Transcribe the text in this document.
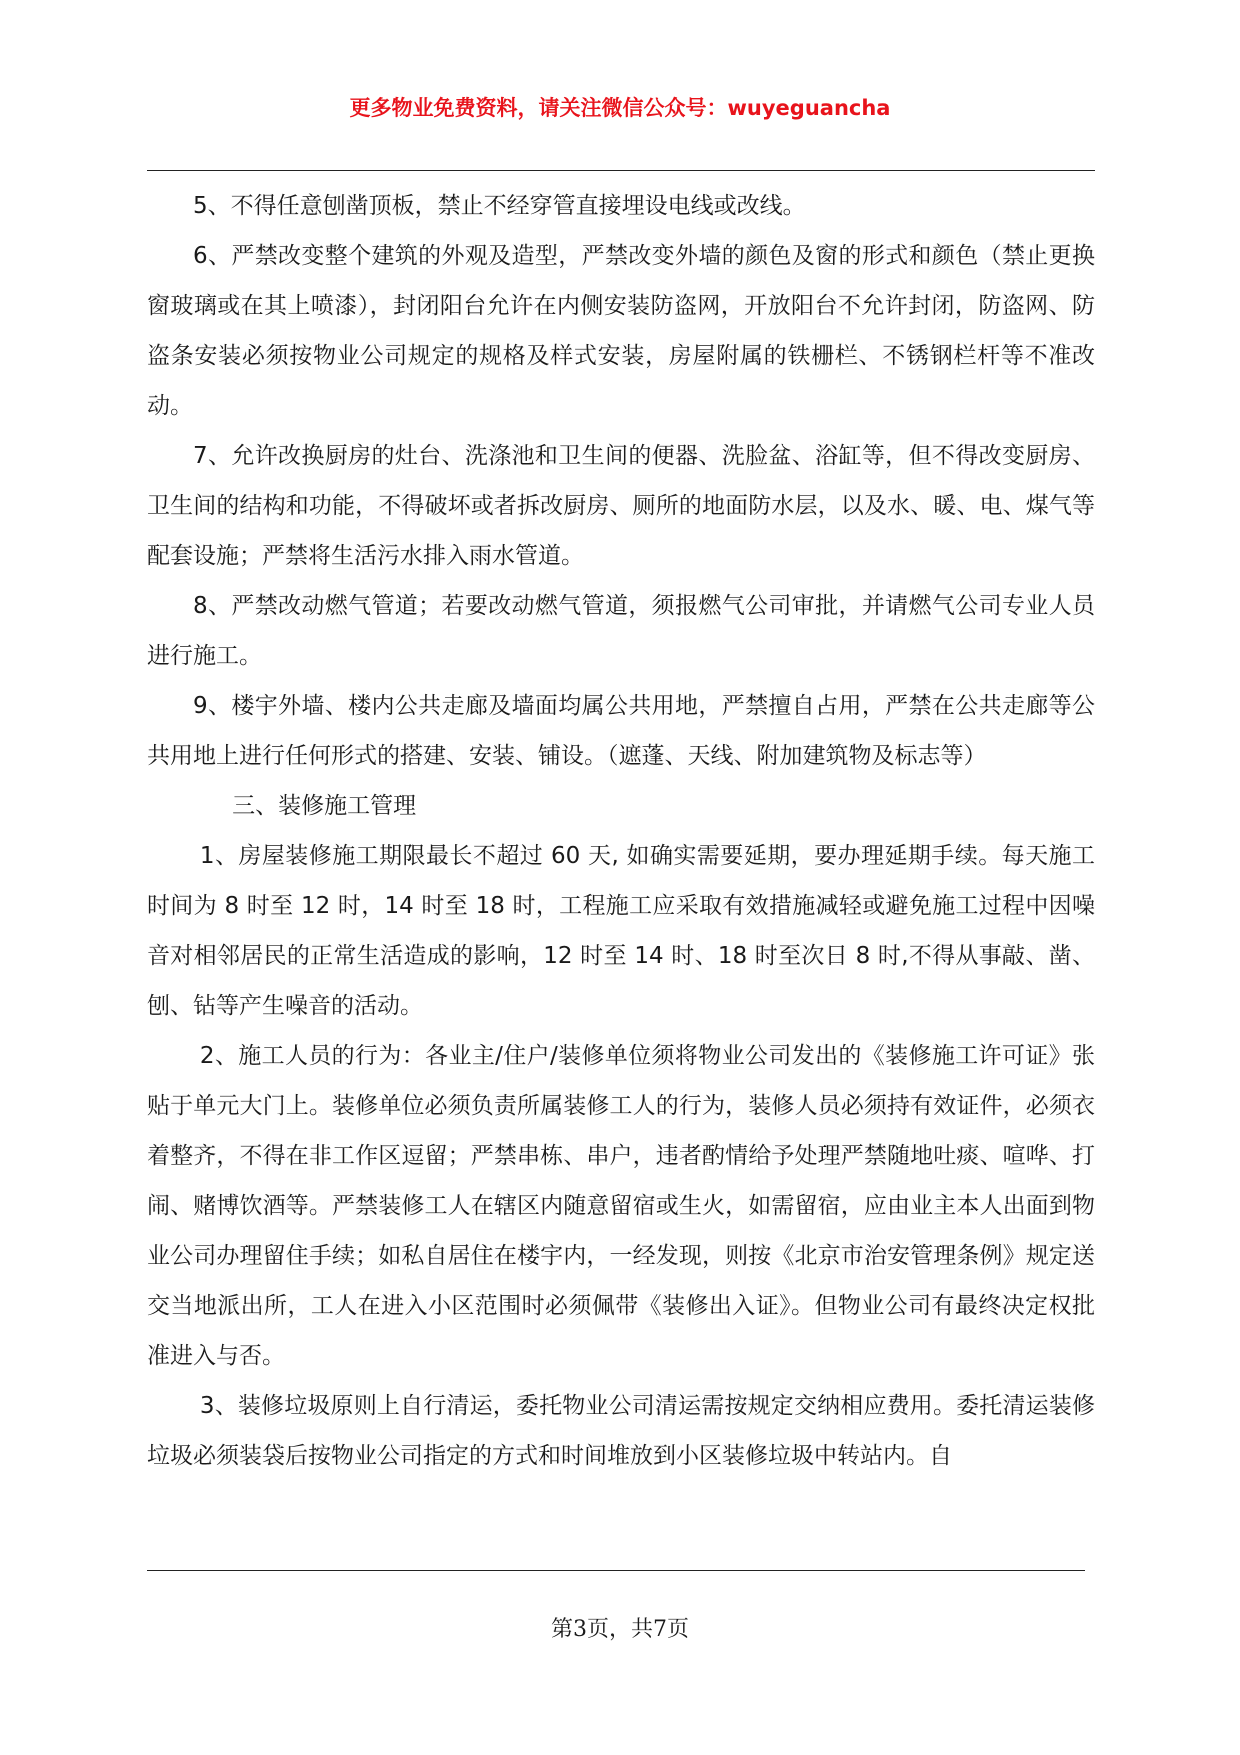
更多物业免费资料，请关注微信公众号：wuyeguancha

5、不得任意刨凿顶板，禁止不经穿管直接埋设电线或改线。

6、严禁改变整个建筑的外观及造型，严禁改变外墙的颜色及窗的形式和颜色（禁止更换窗玻璃或在其上喷漆），封闭阳台允许在内侧安装防盗网，开放阳台不允许封闭，防盗网、防盗条安装必须按物业公司规定的规格及样式安装，房屋附属的铁栅栏、不锈钢栏杆等不准改动。

7、允许改换厨房的灶台、洗涤池和卫生间的便器、洗脸盆、浴缸等，但不得改变厨房、卫生间的结构和功能，不得破坏或者拆改厨房、厕所的地面防水层，以及水、暖、电、煤气等配套设施；严禁将生活污水排入雨水管道。

8、严禁改动燃气管道；若要改动燃气管道，须报燃气公司审批，并请燃气公司专业人员进行施工。

9、楼宇外墙、楼内公共走廊及墙面均属公共用地，严禁擅自占用，严禁在公共走廊等公共用地上进行任何形式的搭建、安装、铺设。（遮蓬、天线、附加建筑物及标志等）

三、装修施工管理

1、房屋装修施工期限最长不超过 60 天, 如确实需要延期，要办理延期手续。每天施工时间为 8 时至 12 时，14 时至 18 时，工程施工应采取有效措施减轻或避免施工过程中因噪音对相邻居民的正常生活造成的影响，12 时至 14 时、18 时至次日 8 时,不得从事敲、凿、刨、钻等产生噪音的活动。

2、施工人员的行为：各业主/住户/装修单位须将物业公司发出的《装修施工许可证》张贴于单元大门上。装修单位必须负责所属装修工人的行为，装修人员必须持有效证件，必须衣着整齐，不得在非工作区逗留；严禁串栋、串户，违者酌情给予处理严禁随地吐痰、喧哗、打闹、赌博饮酒等。严禁装修工人在辖区内随意留宿或生火，如需留宿，应由业主本人出面到物业公司办理留住手续；如私自居住在楼宇内，一经发现，则按《北京市治安管理条例》规定送交当地派出所，工人在进入小区范围时必须佩带《装修出入证》。但物业公司有最终决定权批准进入与否。

3、装修垃圾原则上自行清运，委托物业公司清运需按规定交纳相应费用。委托清运装修垃圾必须装袋后按物业公司指定的方式和时间堆放到小区装修垃圾中转站内。自

第3页，共7页
